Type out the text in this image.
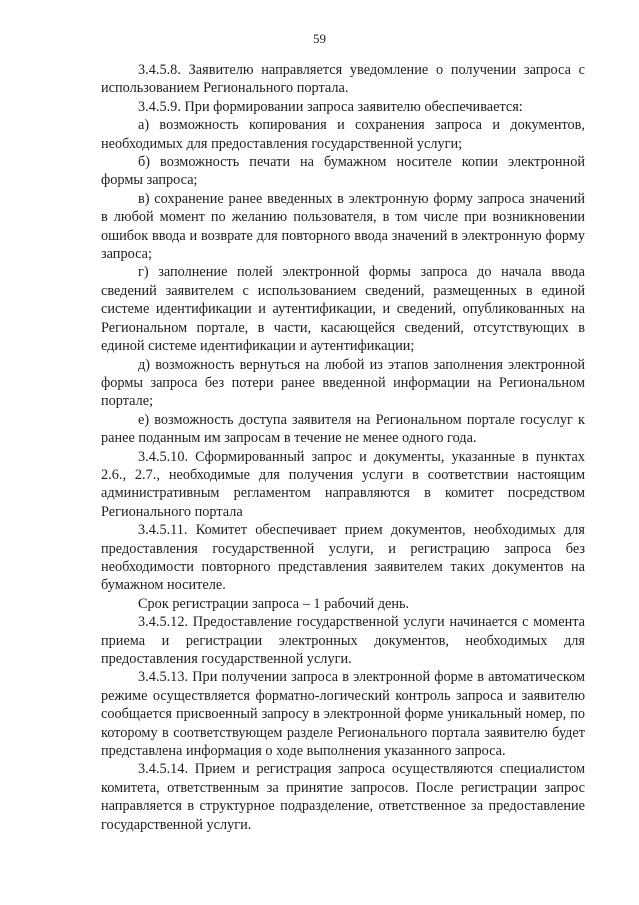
59

3.4.5.8. Заявителю направляется уведомление о получении запроса с использованием Регионального портала.

3.4.5.9. При формировании запроса заявителю обеспечивается:

а) возможность копирования и сохранения запроса и документов, необходимых для предоставления государственной услуги;

б) возможность печати на бумажном носителе копии электронной формы запроса;

в) сохранение ранее введенных в электронную форму запроса значений в любой момент по желанию пользователя, в том числе при возникновении ошибок ввода и возврате для повторного ввода значений в электронную форму запроса;

г) заполнение полей электронной формы запроса до начала ввода сведений заявителем с использованием сведений, размещенных в единой системе идентификации и аутентификации, и сведений, опубликованных на Региональном портале, в части, касающейся сведений, отсутствующих в единой системе идентификации и аутентификации;

д) возможность вернуться на любой из этапов заполнения электронной формы запроса без потери ранее введенной информации на Региональном портале;

е) возможность доступа заявителя на Региональном портале госуслуг к ранее поданным им запросам в течение не менее одного года.

3.4.5.10. Сформированный запрос и документы, указанные в пунктах 2.6., 2.7., необходимые для получения услуги в соответствии настоящим административным регламентом направляются в комитет посредством Регионального портала

3.4.5.11. Комитет обеспечивает прием документов, необходимых для предоставления государственной услуги, и регистрацию запроса без необходимости повторного представления заявителем таких документов на бумажном носителе.

Срок регистрации запроса – 1 рабочий день.

3.4.5.12. Предоставление государственной услуги начинается с момента приема и регистрации электронных документов, необходимых для предоставления государственной услуги.

3.4.5.13. При получении запроса в электронной форме в автоматическом режиме осуществляется форматно-логический контроль запроса и заявителю сообщается присвоенный запросу в электронной форме уникальный номер, по которому в соответствующем разделе Регионального портала заявителю будет представлена информация о ходе выполнения указанного запроса.

3.4.5.14. Прием и регистрация запроса осуществляются специалистом комитета, ответственным за принятие запросов. После регистрации запрос направляется в структурное подразделение, ответственное за предоставление государственной услуги.
